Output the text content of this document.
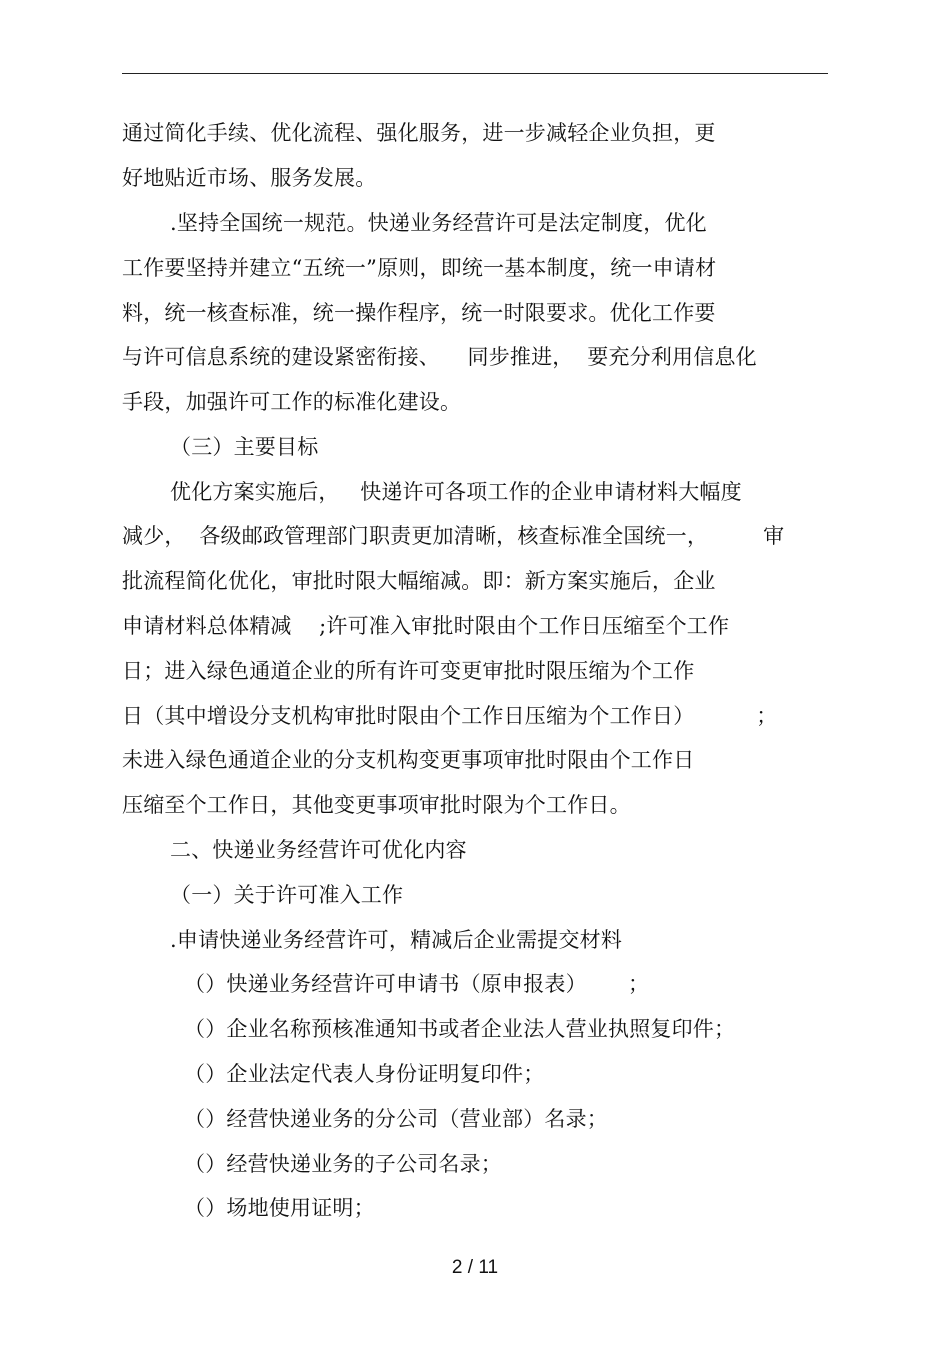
通过简化手续、优化流程、强化服务，进一步减轻企业负担，更
好地贴近市场、服务发展。
.坚持全国统一规范。快递业务经营许可是法定制度，优化
工作要坚持并建立“五统一”原则，即统一基本制度，统一申请材
料，统一核查标准，统一操作程序，统一时限要求。优化工作要
与许可信息系统的建设紧密衔接、    同步推进，  要充分利用信息化
手段，加强许可工作的标准化建设。
（三）主要目标
优化方案实施后，   快递许可各项工作的企业申请材料大幅度
减少，  各级邮政管理部门职责更加清晰，核查标准全国统一，        审
批流程简化优化，审批时限大幅缩减。即：新方案实施后，企业
申请材料总体精减    ;许可准入审批时限由个工作日压缩至个工作
日；进入绿色通道企业的所有许可变更审批时限压缩为个工作
日（其中增设分支机构审批时限由个工作日压缩为个工作日）         ；
未进入绿色通道企业的分支机构变更事项审批时限由个工作日
压缩至个工作日，其他变更事项审批时限为个工作日。
二、快递业务经营许可优化内容
（一）关于许可准入工作
.申请快递业务经营许可，精减后企业需提交材料
（）快递业务经营许可申请书（原申报表）      ；
（）企业名称预核准通知书或者企业法人营业执照复印件；
（）企业法定代表人身份证明复印件；
（）经营快递业务的分公司（营业部）名录；
（）经营快递业务的子公司名录；
（）场地使用证明；
2 / 11
